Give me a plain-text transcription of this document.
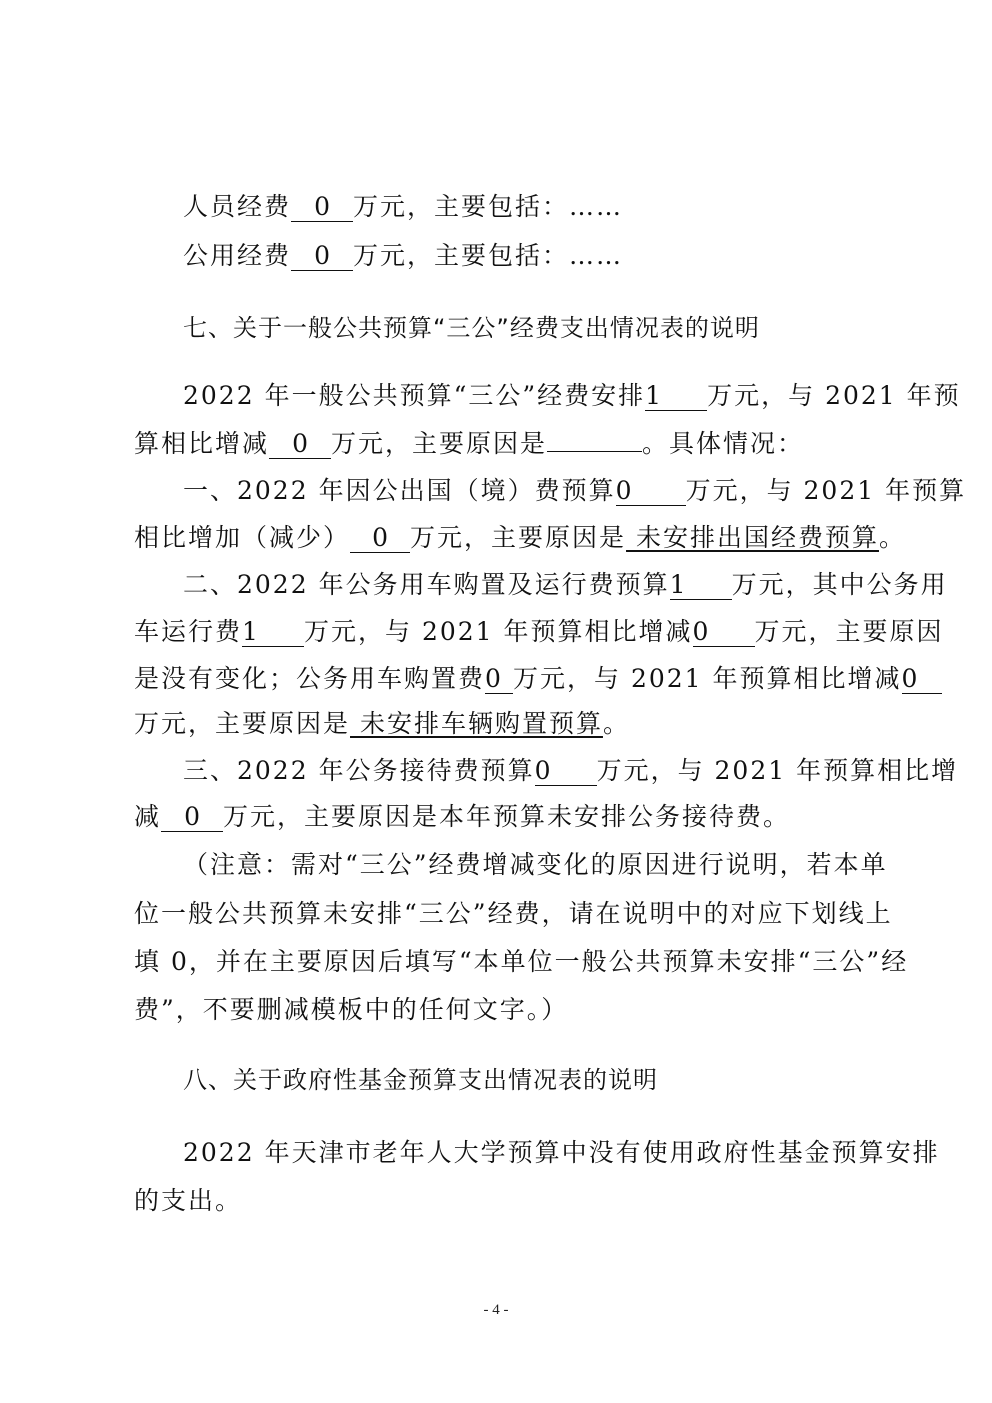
人员经费 0 万元，主要包括：……
公用经费 0 万元，主要包括：……
七、关于一般公共预算“三公”经费支出情况表的说明
2022 年一般公共预算“三公”经费安排1 万元，与 2021 年预
算相比增减 0 万元，主要原因是	。具体情况：
一、2022 年因公出国（境）费预算0 万元，与 2021 年预算
相比增加（减少） 0 万元，主要原因是 未安排出国经费预算。
二、2022 年公务用车购置及运行费预算1 万元，其中公务用
车运行费1 万元，与 2021 年预算相比增减0 万元，主要原因
是没有变化；公务用车购置费0 万元，与 2021 年预算相比增减0
万元，主要原因是 未安排车辆购置预算。
三、2022 年公务接待费预算0 万元，与 2021 年预算相比增
减 0 万元，主要原因是本年预算未安排公务接待费。
（注意：需对“三公”经费增减变化的原因进行说明，若本单
位一般公共预算未安排“三公”经费，请在说明中的对应下划线上
填 0，并在主要原因后填写“本单位一般公共预算未安排“三公”经
费”，不要删减模板中的任何文字。）
八、关于政府性基金预算支出情况表的说明
2022 年天津市老年人大学预算中没有使用政府性基金预算安排
的支出。
- 4 -
